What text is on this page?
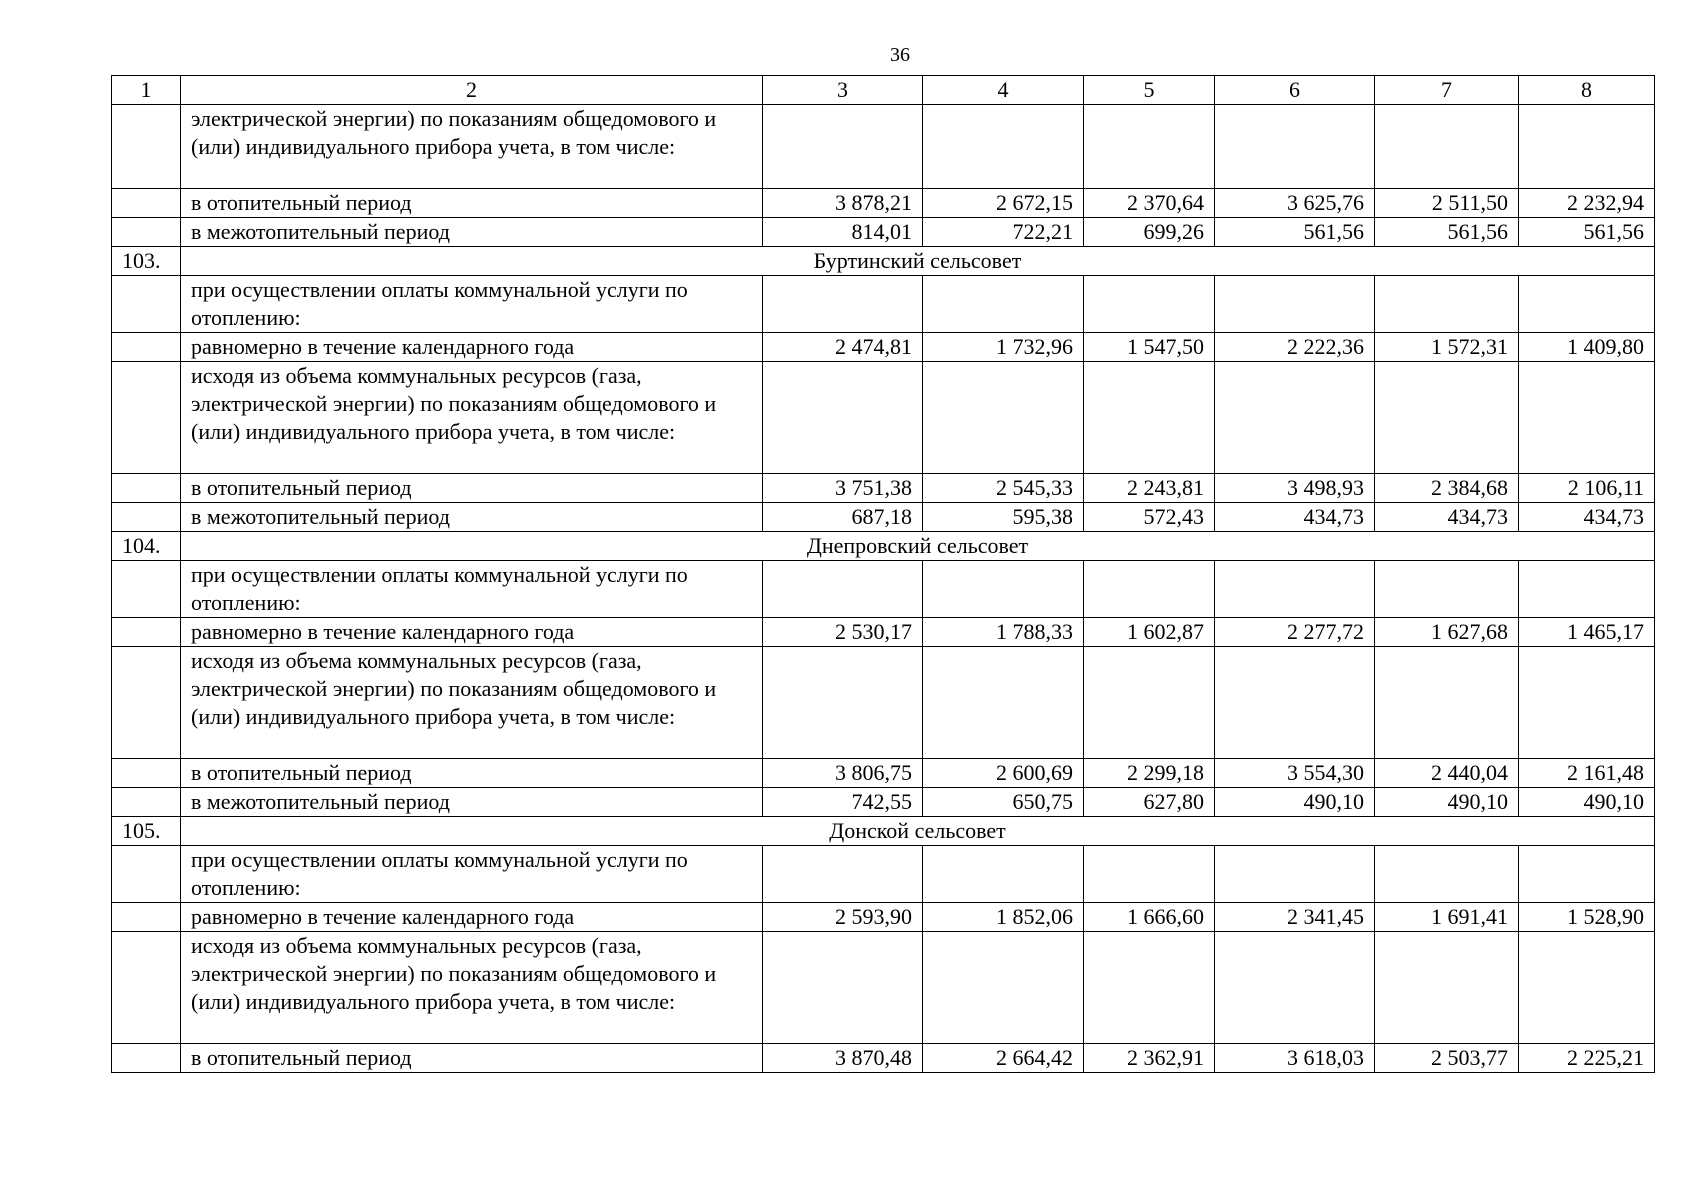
36
1	2	3	4	5	6	7	8
	электрической энергии) по показаниям общедомового и (или) индивидуального прибора учета, в том числе:						
	в отопительный период	3 878,21	2 672,15	2 370,64	3 625,76	2 511,50	2 232,94
	в межотопительный период	814,01	722,21	699,26	561,56	561,56	561,56
103.	Буртинский сельсовет						
	при осуществлении оплаты коммунальной услуги по отоплению:						
	равномерно в течение календарного года	2 474,81	1 732,96	1 547,50	2 222,36	1 572,31	1 409,80
	исходя из объема коммунальных ресурсов (газа, электрической энергии) по показаниям общедомового и (или) индивидуального прибора учета, в том числе:						
	в отопительный период	3 751,38	2 545,33	2 243,81	3 498,93	2 384,68	2 106,11
	в межотопительный период	687,18	595,38	572,43	434,73	434,73	434,73
104.	Днепровский сельсовет						
	при осуществлении оплаты коммунальной услуги по отоплению:						
	равномерно в течение календарного года	2 530,17	1 788,33	1 602,87	2 277,72	1 627,68	1 465,17
	исходя из объема коммунальных ресурсов (газа, электрической энергии) по показаниям общедомового и (или) индивидуального прибора учета, в том числе:						
	в отопительный период	3 806,75	2 600,69	2 299,18	3 554,30	2 440,04	2 161,48
	в межотопительный период	742,55	650,75	627,80	490,10	490,10	490,10
105.	Донской сельсовет						
	при осуществлении оплаты коммунальной услуги по отоплению:						
	равномерно в течение календарного года	2 593,90	1 852,06	1 666,60	2 341,45	1 691,41	1 528,90
	исходя из объема коммунальных ресурсов (газа, электрической энергии) по показаниям общедомового и (или) индивидуального прибора учета, в том числе:						
	в отопительный период	3 870,48	2 664,42	2 362,91	3 618,03	2 503,77	2 225,21
